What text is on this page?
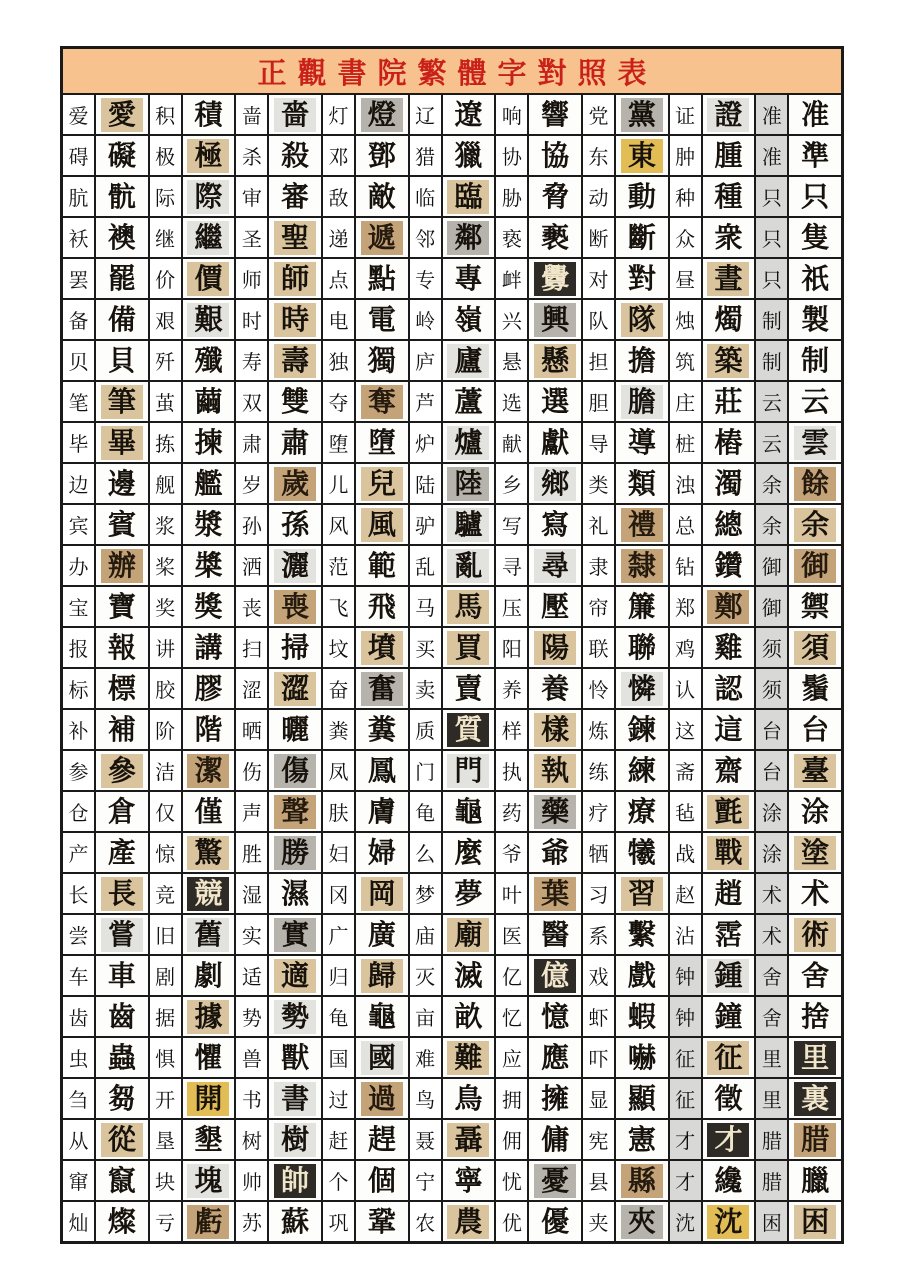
正觀書院繁體字對照表
爱 愛 积 積 啬 嗇 灯 燈 辽 遼 响 響 党 黨 证 證 准 准
碍 礙 极 極 杀 殺 邓 鄧 猎 獵 协 協 东 東 肿 腫 准 準
肮 骯 际 際 审 審 敌 敵 临 臨 胁 脅 动 動 种 種 只 只
袄 襖 继 繼 圣 聖 递 遞 邻 鄰 亵 褻 断 斷 众 衆 只 隻
罢 罷 价 價 师 師 点 點 专 專 衅 釁 对 對 昼 晝 只 祇
备 備 艰 艱 时 時 电 電 岭 嶺 兴 興 队 隊 烛 燭 制 製
贝 貝 歼 殲 寿 壽 独 獨 庐 廬 悬 懸 担 擔 筑 築 制 制
笔 筆 茧 繭 双 雙 夺 奪 芦 蘆 选 選 胆 膽 庄 莊 云 云
毕 畢 拣 揀 肃 肅 堕 墮 炉 爐 献 獻 导 導 桩 樁 云 雲
边 邊 舰 艦 岁 歲 儿 兒 陆 陸 乡 鄉 类 類 浊 濁 余 餘
宾 賓 浆 漿 孙 孫 风 風 驴 驢 写 寫 礼 禮 总 總 余 余
办 辦 桨 槳 洒 灑 范 範 乱 亂 寻 尋 隶 隸 钻 鑽 御 御
宝 寶 奖 獎 丧 喪 飞 飛 马 馬 压 壓 帘 簾 郑 鄭 御 禦
报 報 讲 講 扫 掃 坟 墳 买 買 阳 陽 联 聯 鸡 雞 须 須
标 標 胶 膠 涩 澀 奋 奮 卖 賣 养 養 怜 憐 认 認 须 鬚
补 補 阶 階 晒 曬 粪 糞 质 質 样 樣 炼 鍊 这 這 台 台
参 參 洁 潔 伤 傷 凤 鳳 门 門 执 執 练 練 斋 齋 台 臺
仓 倉 仅 僅 声 聲 肤 膚 龟 龜 药 藥 疗 療 毡 氈 涂 涂
产 產 惊 驚 胜 勝 妇 婦 么 麼 爷 爺 牺 犧 战 戰 涂 塗
长 長 竞 競 湿 濕 冈 岡 梦 夢 叶 葉 习 習 赵 趙 术 术
尝 嘗 旧 舊 实 實 广 廣 庙 廟 医 醫 系 繫 沾 霑 术 術
车 車 剧 劇 适 適 归 歸 灭 滅 亿 億 戏 戲 钟 鍾 舍 舍
齿 齒 据 據 势 勢 龟 龜 亩 畝 忆 憶 虾 蝦 钟 鐘 舍 捨
虫 蟲 惧 懼 兽 獸 国 國 难 難 应 應 吓 嚇 征 征 里 里
刍 芻 开 開 书 書 过 過 鸟 鳥 拥 擁 显 顯 征 徵 里 裏
从 從 垦 墾 树 樹 赶 趕 聂 聶 佣 傭 宪 憲 才 才 腊 腊
窜 竄 块 塊 帅 帥 个 個 宁 寧 忧 憂 县 縣 才 纔 腊 臘
灿 燦 亏 虧 苏 蘇 巩 鞏 农 農 优 優 夹 夾 沈 沈 困 困
